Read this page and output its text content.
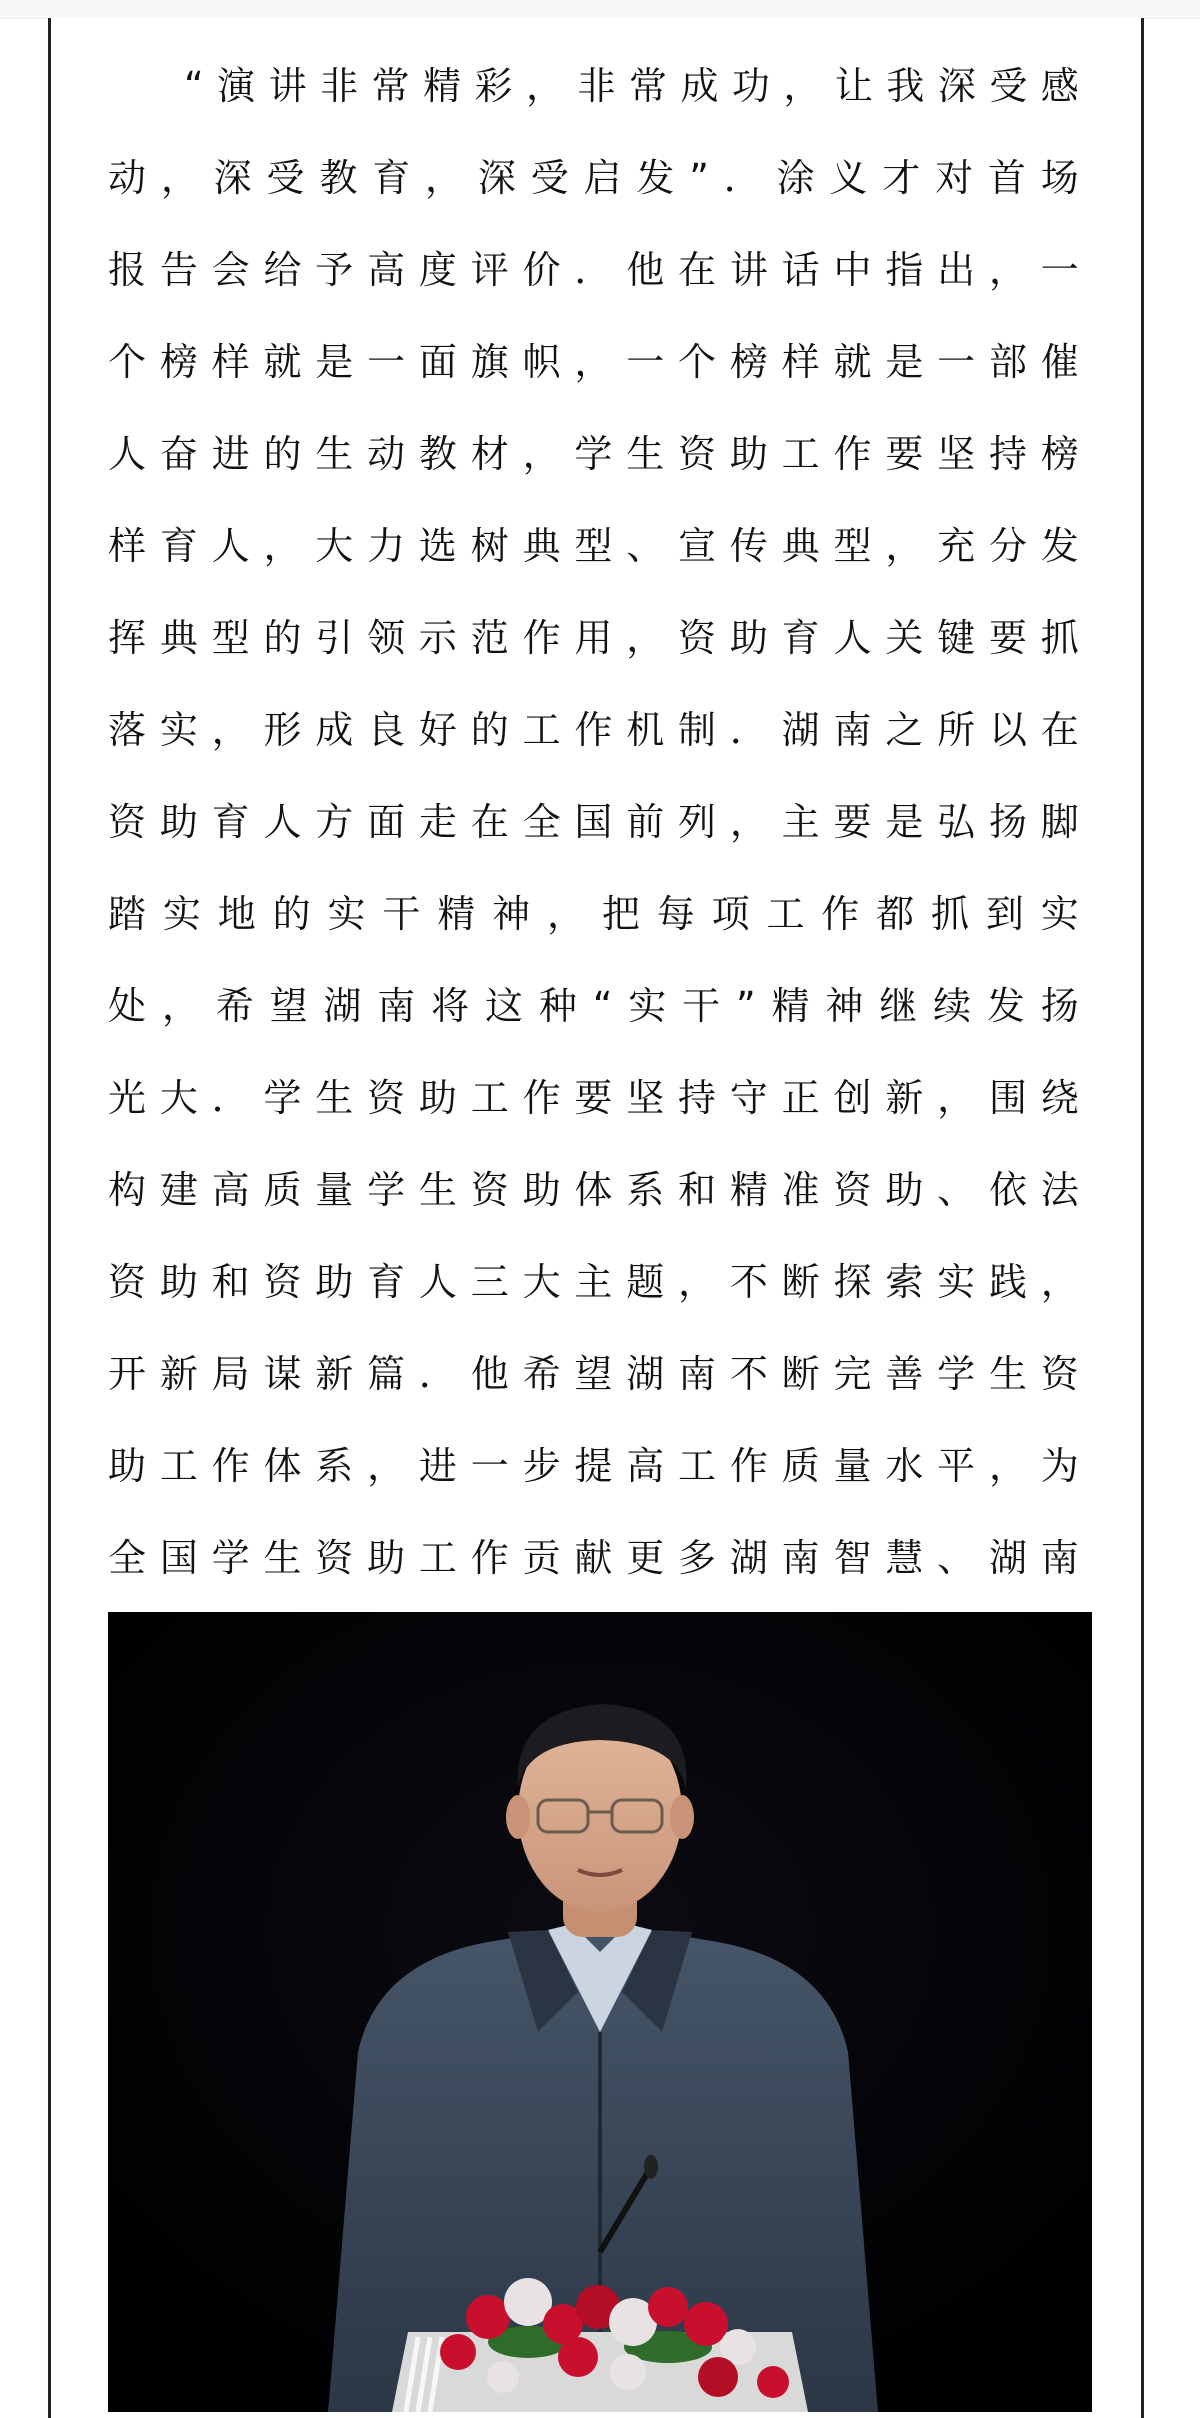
“演讲非常精彩，非常成功，让我深受感动，深受教育，深受启发”．涂义才对首场报告会给予高度评价．他在讲话中指出，一个榜样就是一面旗帜，一个榜样就是一部催人奋进的生动教材，学生资助工作要坚持榜样育人，大力选树典型、宣传典型，充分发挥典型的引领示范作用，资助育人关键要抓落实，形成良好的工作机制．湖南之所以在资助育人方面走在全国前列，主要是弘扬脚踏实地的实干精神，把每项工作都抓到实处，希望湖南将这种“实干”精神继续发扬光大．学生资助工作要坚持守正创新，围绕构建高质量学生资助体系和精准资助、依法资助和资助育人三大主题，不断探索实践，开新局谋新篇．他希望湖南不断完善学生资助工作体系，进一步提高工作质量水平，为全国学生资助工作贡献更多湖南智慧、湖南
